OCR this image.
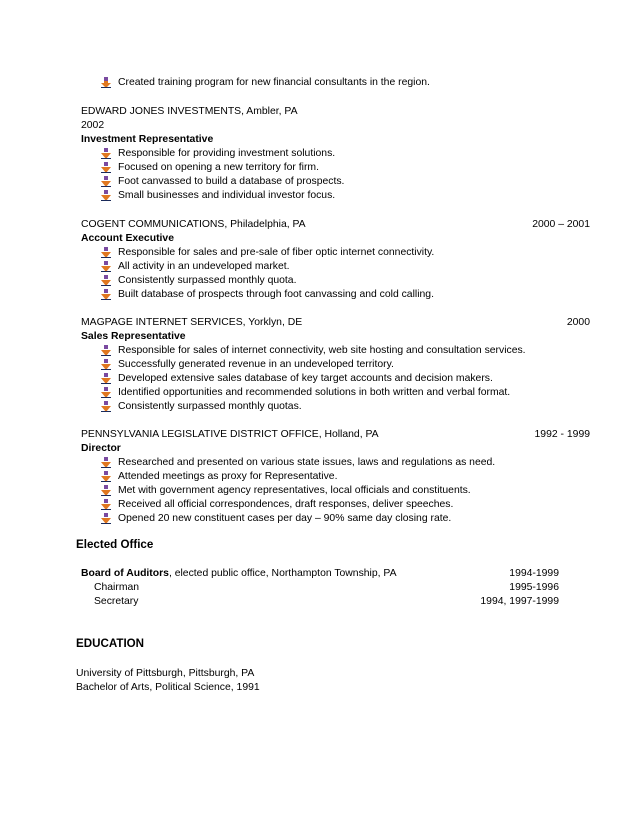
Created training program for new financial consultants in the region.
EDWARD JONES INVESTMENTS, Ambler, PA
2002
Investment Representative
Responsible for providing investment solutions.
Focused on opening a new territory for firm.
Foot canvassed to build a database of prospects.
Small businesses and individual investor focus.
COGENT COMMUNICATIONS, Philadelphia, PA	2000 – 2001
Account Executive
Responsible for sales and pre-sale of fiber optic internet connectivity.
All activity in an undeveloped market.
Consistently surpassed monthly quota.
Built database of prospects through foot canvassing and cold calling.
MAGPAGE INTERNET SERVICES, Yorklyn, DE	2000
Sales Representative
Responsible for sales of internet connectivity, web site hosting and consultation services.
Successfully generated revenue in an undeveloped territory.
Developed extensive sales database of key target accounts and decision makers.
Identified opportunities and recommended solutions in both written and verbal format.
Consistently surpassed monthly quotas.
PENNSYLVANIA LEGISLATIVE DISTRICT OFFICE, Holland, PA	1992 - 1999
Director
Researched and presented on various state issues, laws and regulations as need.
Attended meetings as proxy for Representative.
Met with government agency representatives, local officials and constituents.
Received all official correspondences, draft responses, deliver speeches.
Opened 20 new constituent cases per day – 90% same day closing rate.
Elected Office
Board of Auditors, elected public office, Northampton Township, PA	1994-1999
Chairman	1995-1996
Secretary	1994, 1997-1999
EDUCATION
University of Pittsburgh, Pittsburgh, PA
Bachelor of Arts, Political Science, 1991
